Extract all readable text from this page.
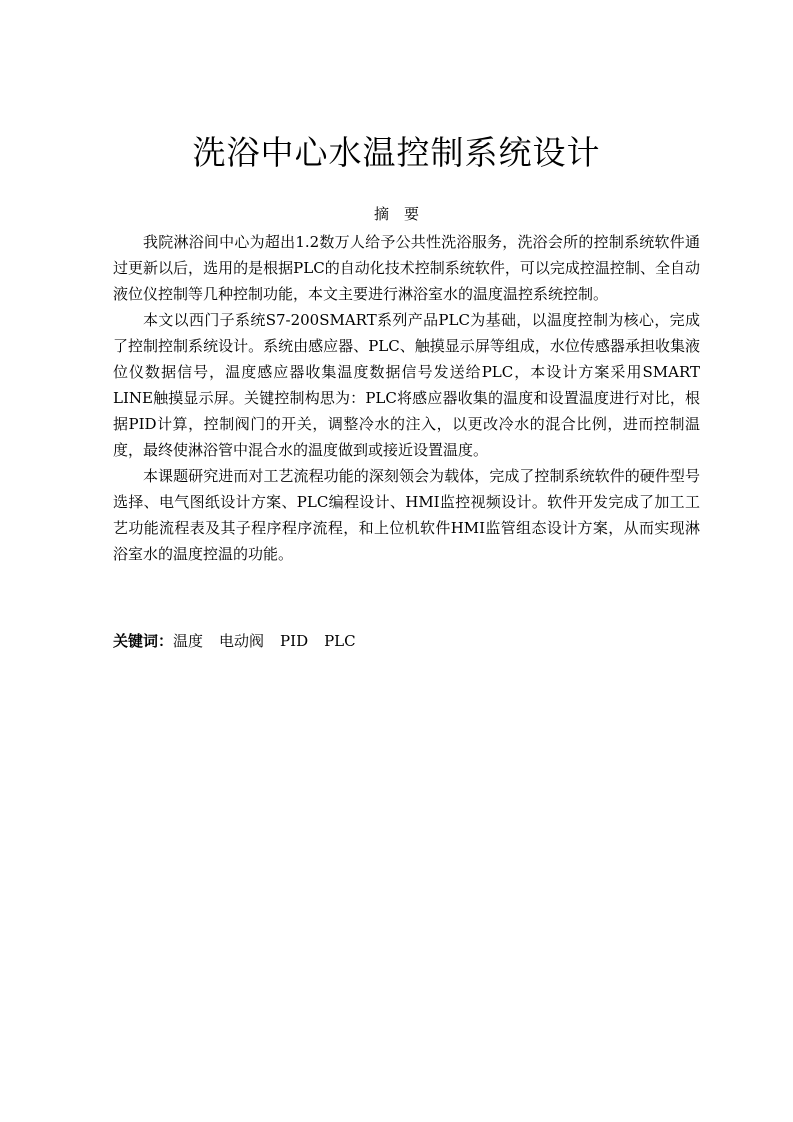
洗浴中心水温控制系统设计
摘　要

我院淋浴间中心为超出1.2数万人给予公共性洗浴服务，洗浴会所的控制系统软件通过更新以后，选用的是根据PLC的自动化技术控制系统软件，可以完成控温控制、全自动液位仪控制等几种控制功能，本文主要进行淋浴室水的温度温控系统控制。

本文以西门子系统S7-200SMART系列产品PLC为基础，以温度控制为核心，完成了控制控制系统设计。系统由感应器、PLC、触摸显示屏等组成，水位传感器承担收集液位仪数据信号，温度感应器收集温度数据信号发送给PLC，本设计方案采用SMART LINE触摸显示屏。关键控制构思为：PLC将感应器收集的温度和设置温度进行对比，根据PID计算，控制阀门的开关，调整冷水的注入，以更改冷水的混合比例，进而控制温度，最终使淋浴管中混合水的温度做到或接近设置温度。

本课题研究进而对工艺流程功能的深刻领会为载体，完成了控制系统软件的硬件型号选择、电气图纸设计方案、PLC编程设计、HMI监控视频设计。软件开发完成了加工工艺功能流程表及其子程序程序流程，和上位机软件HMI监管组态设计方案，从而实现淋浴室水的温度控温的功能。

关键词：温度 电动阀 PID PLC
